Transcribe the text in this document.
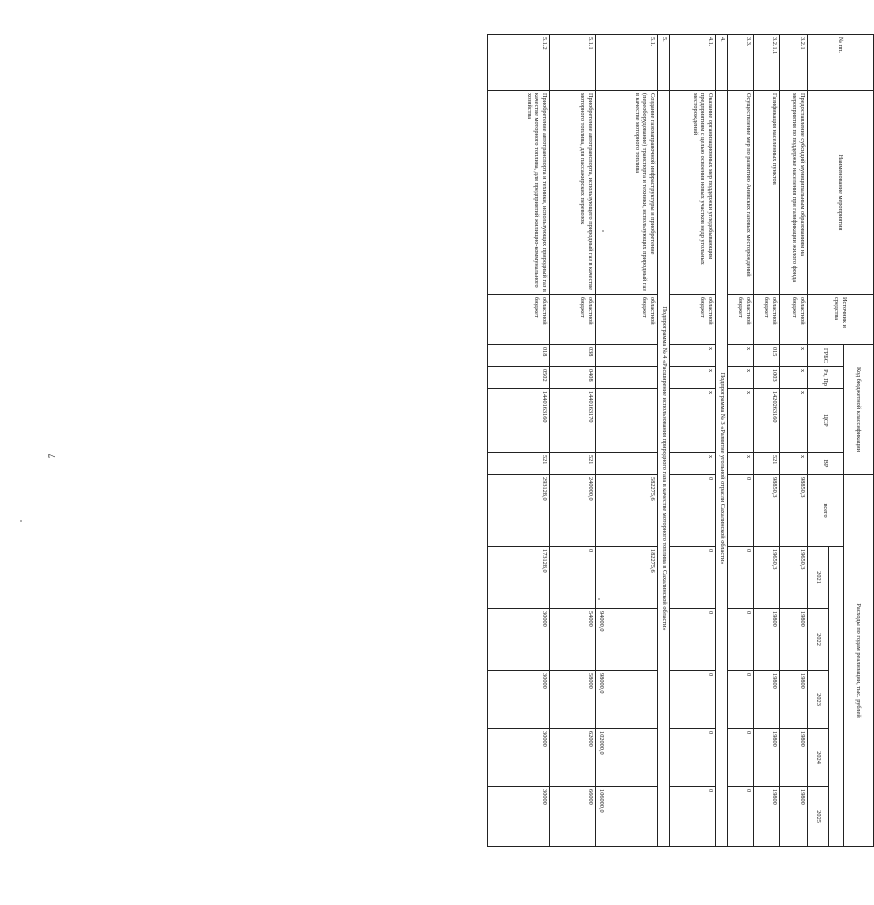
7
№ пп.	Наименование мероприятия	Источник и средства	Код бюджетной классификации				Расходы по годам реализации, тыс. рублей					
			ГРБС	Рз, Пр	ЦСР	ВР	всего					
								2021	2022	2023	2024	2025
3.2.1	Предоставление субсидий муниципальным образованиям на мероприятия по поддержке населения при газификации жилого фонда	областной бюджет	х	х	х	х	98850,3	19650,3	19800	19800	19800	19800
3.2.1.1	Газификация населенных пунктов	областной бюджет	015	1003	1420263160	521	98850,3	19650,3	19800	19800	19800	19800
3.3.	Осуществление мер по развитию Анивских газовых месторождений	областной бюджет	х	х	х	х	0	0	0	0	0	0
4.	Подпрограмма № 3 «Развитие угольной отрасли Сахалинской области»											
4.1.	Оказание организационных мер поддержки угледобывающим предприятиям с целью освоения новых участков недр угольных месторождений	областной бюджет	х	х	х	х	0	0	0	0	0	0
5.	Подпрограмма № 4 «Расширение использования природного газа в качестве моторного топлива в Сахалинской области»											
5.1.	Создание газозаправочной инфраструктуры и приобретение (переоборудование) транспорта и техники, использующих природный газ в качестве моторного топлива	областной бюджет					582275,6	182275,6	94000,0	98000,0	102000,0	106000,0
5.1.1	Приобретение автотранспорта, использующего природный газ в качестве моторного топлива, для пассажирских перевозок	областной бюджет	038	0408	1440163170	521	240000,0	0	54000	58000	62000	66000
5.1.2	Приобретение автотранспорта и техники, использующих природный газ в качестве моторного топлива, для предприятий жилищно-коммунального хозяйства	областной бюджет	018	0502	1440163160	521	293128,0	173128,0	30000	30000	30000	30000
